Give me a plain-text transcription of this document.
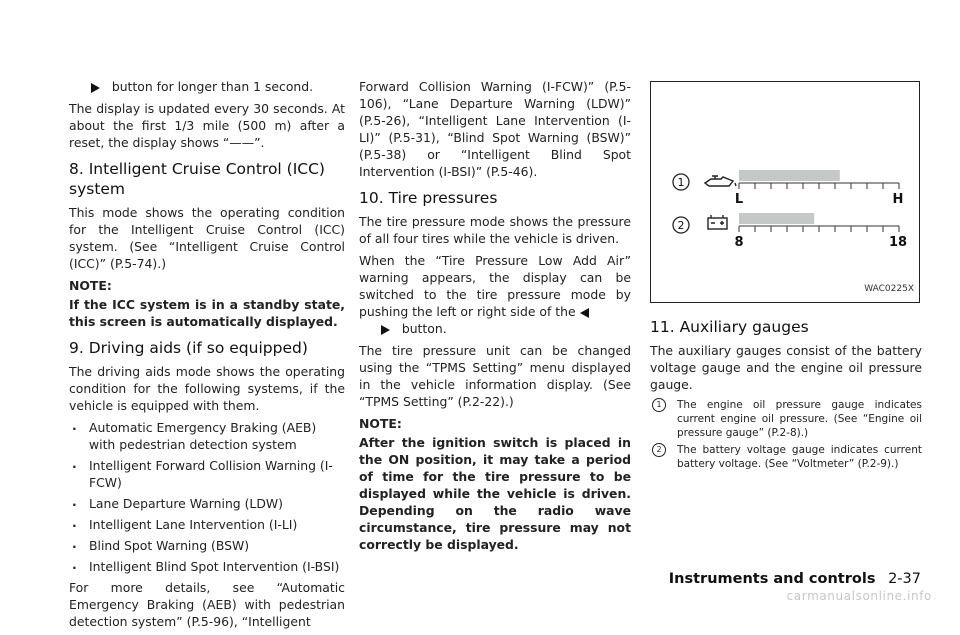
button for longer than 1 second.

The display is updated every 30 seconds. At about the first 1/3 mile (500 m) after a reset, the display shows “——”.

8. Intelligent Cruise Control (ICC) system

This mode shows the operating condition for the Intelligent Cruise Control (ICC) system. (See “Intelligent Cruise Control (ICC)” (P.5-74).)

NOTE:

If the ICC system is in a standby state, this screen is automatically displayed.

9. Driving aids (if so equipped)

The driving aids mode shows the operating condition for the following systems, if the vehicle is equipped with them.

. Automatic Emergency Braking (AEB) with pedestrian detection system
. Intelligent Forward Collision Warning (I-FCW)
. Lane Departure Warning (LDW)
. Intelligent Lane Intervention (I-LI)
. Blind Spot Warning (BSW)
. Intelligent Blind Spot Intervention (I-BSI)

For more details, see “Automatic Emergency Braking (AEB) with pedestrian detection system” (P.5-96), “Intelligent

Forward Collision Warning (I-FCW)” (P.5-106), “Lane Departure Warning (LDW)” (P.5-26), “Intelligent Lane Intervention (I-LI)” (P.5-31), “Blind Spot Warning (BSW)” (P.5-38) or “Intelligent Blind Spot Intervention (I-BSI)” (P.5-46).

10. Tire pressures

The tire pressure mode shows the pressure of all four tires while the vehicle is driven.

When the “Tire Pressure Low Add Air” warning appears, the display can be switched to the tire pressure mode by pushing the left or right side of the

button.

The tire pressure unit can be changed using the “TPMS Setting” menu displayed in the vehicle information display. (See “TPMS Setting” (P.2-22).)

NOTE:

After the ignition switch is placed in the ON position, it may take a period of time for the tire pressure to be displayed while the vehicle is driven. Depending on the radio wave circumstance, tire pressure may not correctly be displayed.

1
L	H
2
8	18
WAC0225X
11. Auxiliary gauges

The auxiliary gauges consist of the battery voltage gauge and the engine oil pressure gauge.

1	The engine oil pressure gauge indicates current engine oil pressure. (See “Engine oil pressure gauge” (P.2-8).)
2	The battery voltage gauge indicates current battery voltage. (See “Voltmeter” (P.2-9).)
Instruments and controls 2-37
carmanualsonline.info
